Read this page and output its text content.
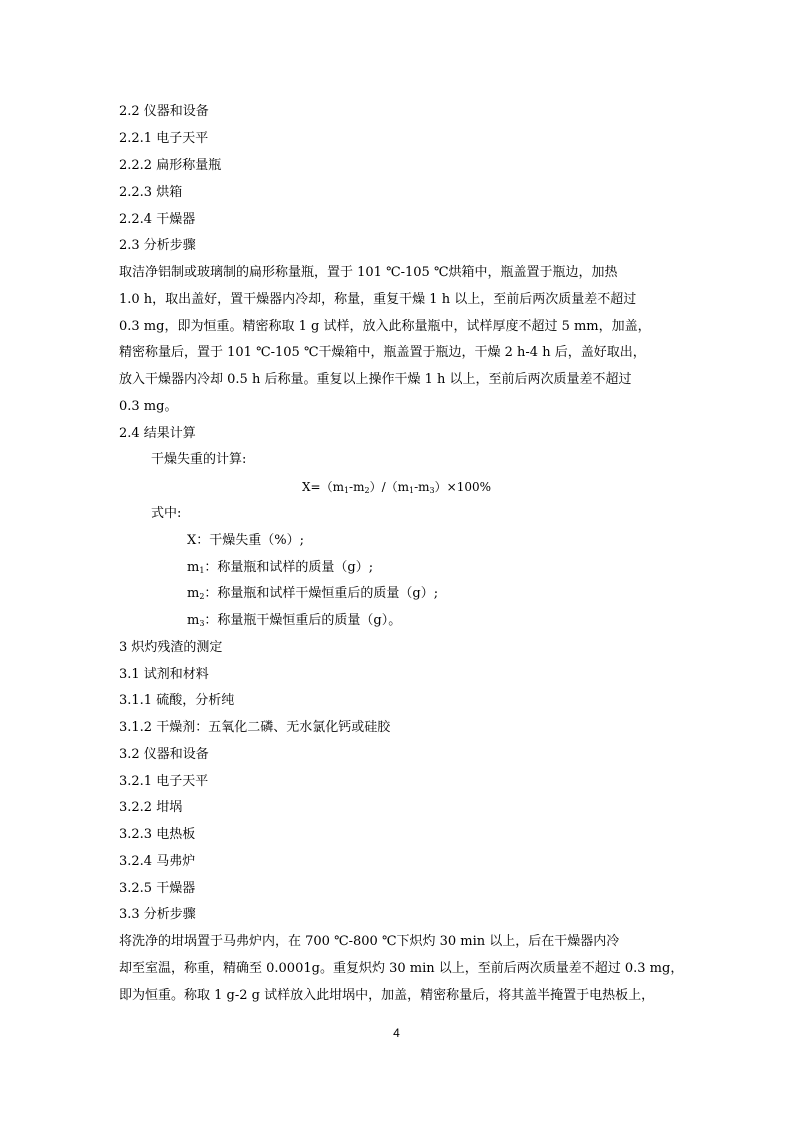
2.2 仪器和设备
2.2.1 电子天平
2.2.2 扁形称量瓶
2.2.3 烘箱
2.2.4 干燥器
2.3 分析步骤
取洁净铝制或玻璃制的扁形称量瓶，置于 101 ℃-105 ℃烘箱中，瓶盖置于瓶边，加热
1.0 h，取出盖好，置干燥器内冷却，称量，重复干燥 1 h 以上，至前后两次质量差不超过
0.3 mg，即为恒重。精密称取 1 g 试样，放入此称量瓶中，试样厚度不超过 5 mm，加盖，
精密称量后，置于 101 ℃-105 ℃干燥箱中，瓶盖置于瓶边，干燥 2 h-4 h 后，盖好取出，
放入干燥器内冷却 0.5 h 后称量。重复以上操作干燥 1 h 以上，至前后两次质量差不超过
0.3 mg。
2.4 结果计算
干燥失重的计算:
$X=(m_1-m_2)/(m_1-m_3)\times 100\%$
式中:
X：干燥失重（%）;
$m_1$：称量瓶和试样的质量（g）;
$m_2$：称量瓶和试样干燥恒重后的质量（g）;
$m_3$：称量瓶干燥恒重后的质量（g）。
3 炽灼残渣的测定
3.1 试剂和材料
3.1.1 硫酸，分析纯
3.1.2 干燥剂：五氧化二磷、无水氯化钙或硅胶
3.2 仪器和设备
3.2.1 电子天平
3.2.2 坩埚
3.2.3 电热板
3.2.4 马弗炉
3.2.5 干燥器
3.3 分析步骤
将洗净的坩埚置于马弗炉内，在 700 ℃-800 ℃下炽灼 30 min 以上，后在干燥器内冷
却至室温，称重，精确至 0.0001g。重复炽灼 30 min 以上，至前后两次质量差不超过 0.3 mg，
即为恒重。称取 1 g-2 g 试样放入此坩埚中，加盖，精密称量后，将其盖半掩置于电热板上，
4
